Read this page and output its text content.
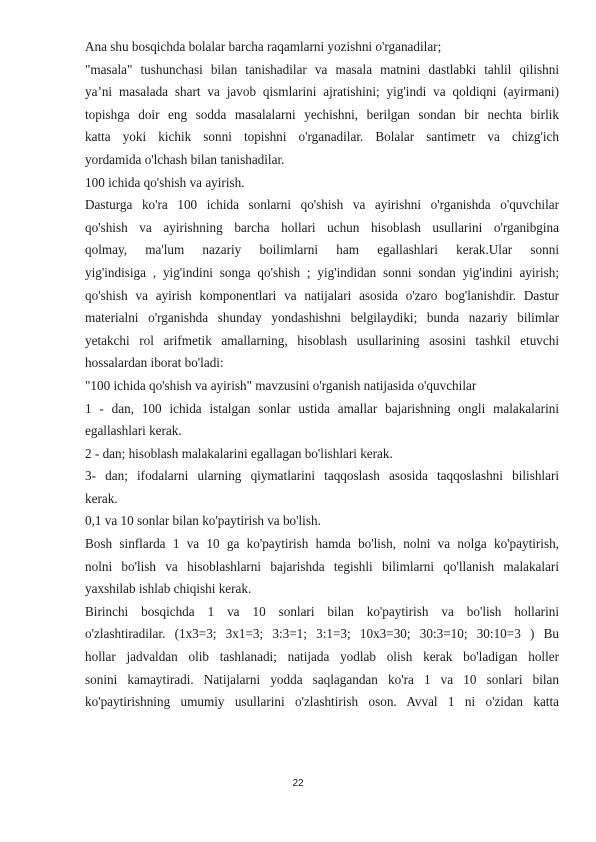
Ana shu bosqichda bolalar barcha raqamlarni yozishni o'rganadilar;
"masala" tushunchasi bilan tanishadilar va masala matnini dastlabki tahlil qilishni
ya’ni masalada shart va javob qismlarini ajratishini; yig'indi va qoldiqni (ayirmani)
topishga doir eng sodda masalalarni yechishni, berilgan sondan bir nechta birlik
katta yoki kichik sonni topishni o'rganadilar. Bolalar santimetr va chizg'ich
yordamida o'lchash bilan tanishadilar.
100 ichida qo'shish va ayirish.
Dasturga ko'ra 100 ichida sonlarni qo'shish va ayirishni o'rganishda o'quvchilar
qo'shish va ayirishning barcha hollari uchun hisoblash usullarini o'rganibgina
qolmay, ma'lum nazariy boilimlarni ham egallashlari kerak.Ular sonni
yig'indisiga , yig'indini songa qo'shish ; yig'indidan sonni sondan yig'indini ayirish;
qo'shish va ayirish komponentlari va natijalari asosida o'zaro bog'lanishdir. Dastur
materialni o'rganishda shunday yondashishni belgilaydiki; bunda nazariy bilimlar
yetakchi rol arifmetik amallarning, hisoblash usullarining asosini tashkil etuvchi
hossalardan iborat bo'ladi:
"100 ichida qo'shish va ayirish" mavzusini o'rganish natijasida o'quvchilar
1 - dan, 100 ichida istalgan sonlar ustida amallar bajarishning ongli malakalarini
egallashlari kerak.
2 - dan; hisoblash malakalarini egallagan bo'lishlari kerak.
3- dan; ifodalarni ularning qiymatlarini taqqoslash asosida taqqoslashni bilishlari
kerak.
0,1 va 10 sonlar bilan ko'paytirish va bo'lish.
Bosh sinflarda 1 va 10 ga ko'paytirish hamda bo'lish, nolni va nolga ko'paytirish,
nolni bo'lish va hisoblashlarni bajarishda tegishli bilimlarni qo'llanish malakalari
yaxshilab ishlab chiqishi kerak.
Birinchi bosqichda 1 va 10 sonlari bilan ko'paytirish va bo'lish hollarini
o'zlashtiradilar. (1x3=3; 3x1=3; 3:3=1; 3:1=3; 10x3=30; 30:3=10; 30:10=3 ) Bu
hollar jadvaldan olib tashlanadi; natijada yodlab olish kerak bo'ladigan holler
sonini kamaytiradi. Natijalarni yodda saqlagandan ko'ra 1 va 10 sonlari bilan
ko'paytirishning umumiy usullarini o'zlashtirish oson. Avval 1 ni o'zidan katta
22
